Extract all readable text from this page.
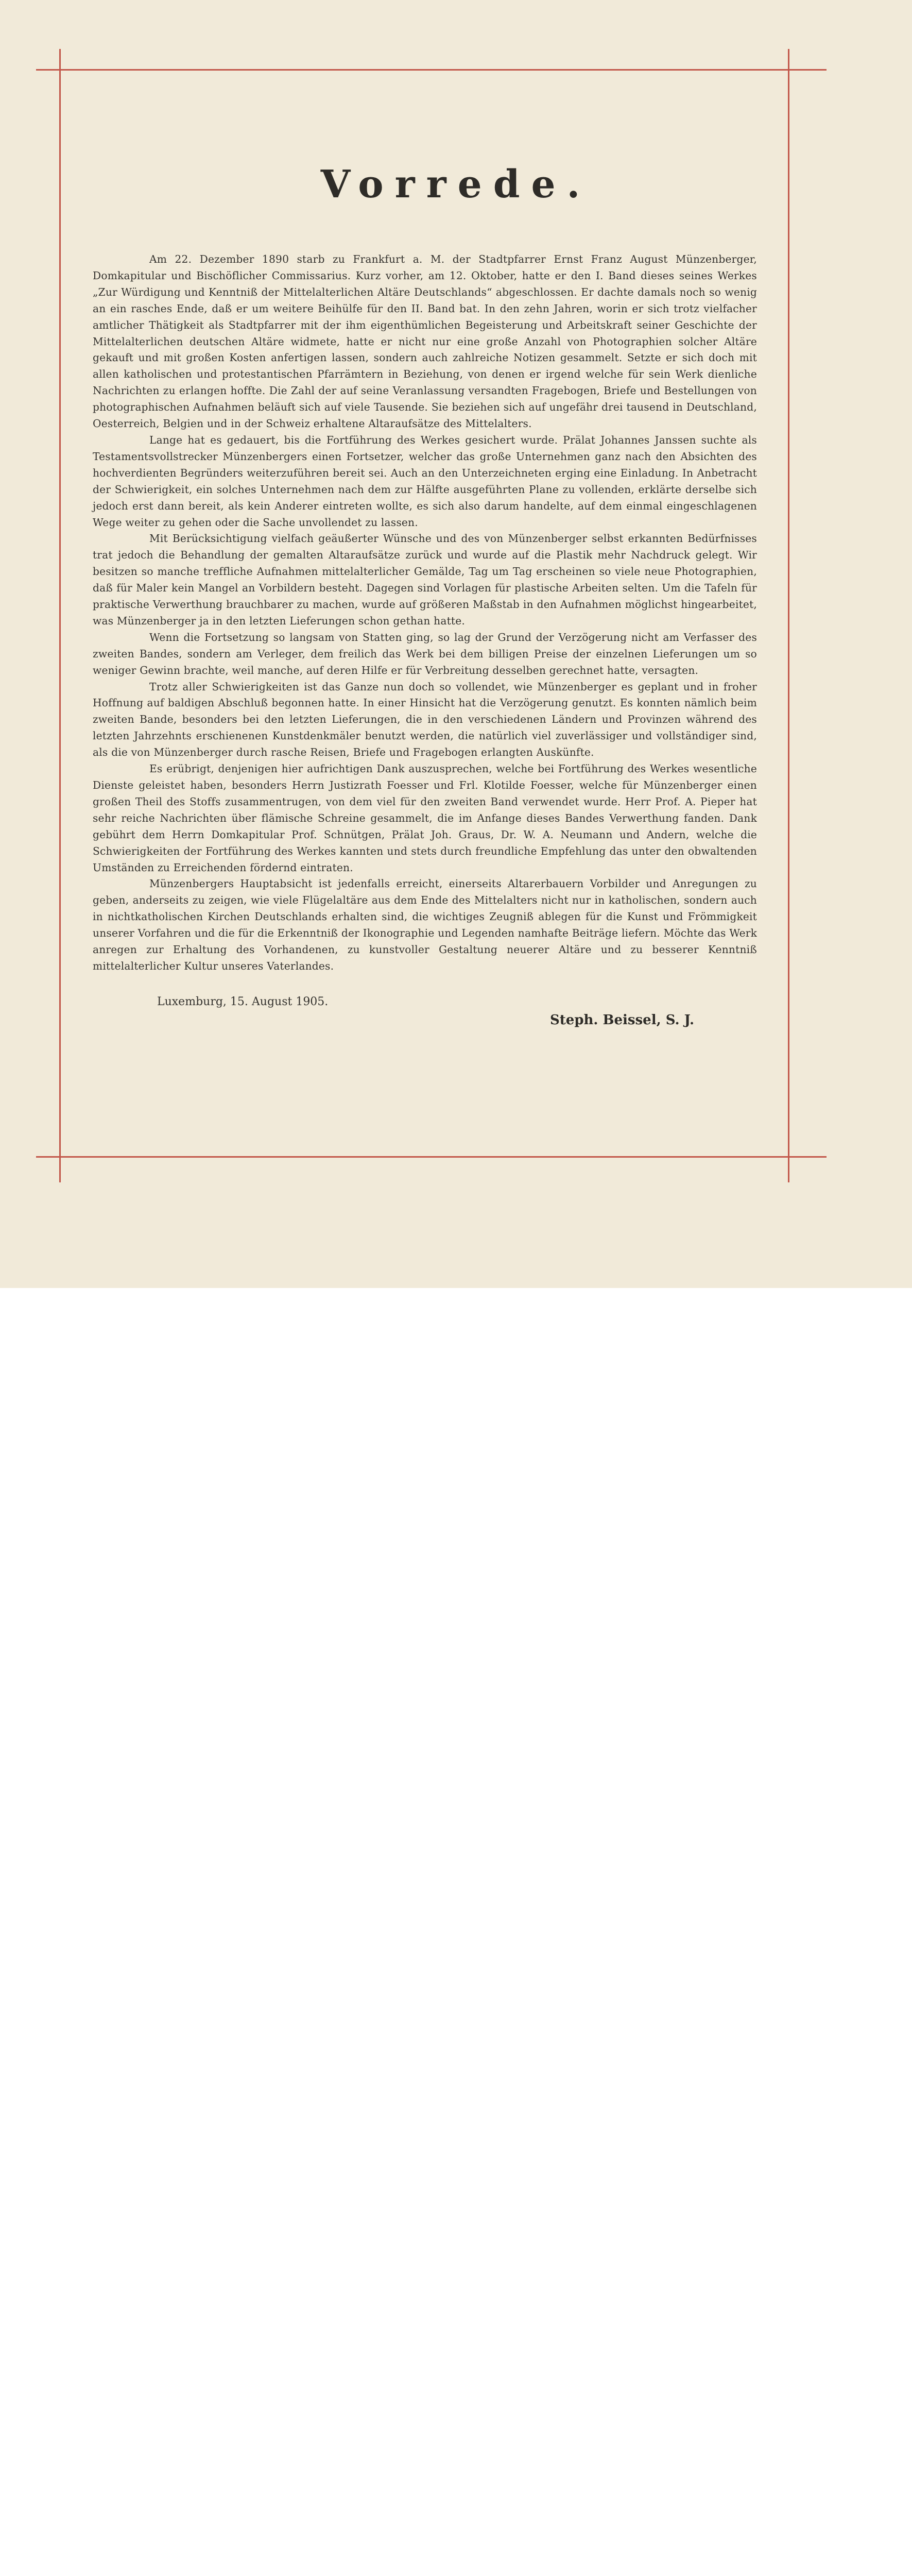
Vorrede.

Am 22. Dezember 1890 starb zu Frankfurt a. M. der Stadtpfarrer Ernst Franz August Münzenberger, Domkapitular und Bischöflicher Commissarius. Kurz vorher, am 12. Oktober, hatte er den I. Band dieses seines Werkes „Zur Würdigung und Kenntniß der Mittelalterlichen Altäre Deutschlands“ abgeschlossen. Er dachte damals noch so wenig an ein rasches Ende, daß er um weitere Beihülfe für den II. Band bat. In den zehn Jahren, worin er sich trotz vielfacher amtlicher Thätigkeit als Stadtpfarrer mit der ihm eigenthümlichen Begeisterung und Arbeitskraft seiner Geschichte der Mittelalterlichen deutschen Altäre widmete, hatte er nicht nur eine große Anzahl von Photographien solcher Altäre gekauft und mit großen Kosten anfertigen lassen, sondern auch zahlreiche Notizen gesammelt. Setzte er sich doch mit allen katholischen und protestantischen Pfarrämtern in Beziehung, von denen er irgend welche für sein Werk dienliche Nachrichten zu erlangen hoffte. Die Zahl der auf seine Veranlassung versandten Fragebogen, Briefe und Bestellungen von photographischen Aufnahmen beläuft sich auf viele Tausende. Sie beziehen sich auf ungefähr drei tausend in Deutschland, Oesterreich, Belgien und in der Schweiz erhaltene Altaraufsätze des Mittelalters.

Lange hat es gedauert, bis die Fortführung des Werkes gesichert wurde. Prälat Johannes Janssen suchte als Testamentsvollstrecker Münzenbergers einen Fortsetzer, welcher das große Unternehmen ganz nach den Absichten des hochverdienten Begründers weiterzuführen bereit sei. Auch an den Unterzeichneten erging eine Einladung. In Anbetracht der Schwierigkeit, ein solches Unternehmen nach dem zur Hälfte ausgeführten Plane zu vollenden, erklärte derselbe sich jedoch erst dann bereit, als kein Anderer eintreten wollte, es sich also darum handelte, auf dem einmal eingeschlagenen Wege weiter zu gehen oder die Sache unvollendet zu lassen.

Mit Berücksichtigung vielfach geäußerter Wünsche und des von Münzenberger selbst erkannten Bedürfnisses trat jedoch die Behandlung der gemalten Altaraufsätze zurück und wurde auf die Plastik mehr Nachdruck gelegt. Wir besitzen so manche treffliche Aufnahmen mittelalterlicher Gemälde, Tag um Tag erscheinen so viele neue Photographien, daß für Maler kein Mangel an Vorbildern besteht. Dagegen sind Vorlagen für plastische Arbeiten selten. Um die Tafeln für praktische Verwerthung brauchbarer zu machen, wurde auf größeren Maßstab in den Aufnahmen möglichst hingearbeitet, was Münzenberger ja in den letzten Lieferungen schon gethan hatte.

Wenn die Fortsetzung so langsam von Statten ging, so lag der Grund der Verzögerung nicht am Verfasser des zweiten Bandes, sondern am Verleger, dem freilich das Werk bei dem billigen Preise der einzelnen Lieferungen um so weniger Gewinn brachte, weil manche, auf deren Hilfe er für Verbreitung desselben gerechnet hatte, versagten.

Trotz aller Schwierigkeiten ist das Ganze nun doch so vollendet, wie Münzenberger es geplant und in froher Hoffnung auf baldigen Abschluß begonnen hatte. In einer Hinsicht hat die Verzögerung genutzt. Es konnten nämlich beim zweiten Bande, besonders bei den letzten Lieferungen, die in den verschiedenen Ländern und Provinzen während des letzten Jahrzehnts erschienenen Kunstdenkmäler benutzt werden, die natürlich viel zuverlässiger und vollständiger sind, als die von Münzenberger durch rasche Reisen, Briefe und Fragebogen erlangten Auskünfte.

Es erübrigt, denjenigen hier aufrichtigen Dank auszusprechen, welche bei Fortführung des Werkes wesentliche Dienste geleistet haben, besonders Herrn Justizrath Foesser und Frl. Klotilde Foesser, welche für Münzenberger einen großen Theil des Stoffs zusammentrugen, von dem viel für den zweiten Band verwendet wurde. Herr Prof. A. Pieper hat sehr reiche Nachrichten über flämische Schreine gesammelt, die im Anfange dieses Bandes Verwerthung fanden. Dank gebührt dem Herrn Domkapitular Prof. Schnütgen, Prälat Joh. Graus, Dr. W. A. Neumann und Andern, welche die Schwierigkeiten der Fortführung des Werkes kannten und stets durch freundliche Empfehlung das unter den obwaltenden Umständen zu Erreichenden fördernd eintraten.

Münzenbergers Hauptabsicht ist jedenfalls erreicht, einerseits Altarerbauern Vorbilder und Anregungen zu geben, anderseits zu zeigen, wie viele Flügelaltäre aus dem Ende des Mittelalters nicht nur in katholischen, sondern auch in nichtkatholischen Kirchen Deutschlands erhalten sind, die wichtiges Zeugniß ablegen für die Kunst und Frömmigkeit unserer Vorfahren und die für die Erkenntniß der Ikonographie und Legenden namhafte Beiträge liefern. Möchte das Werk anregen zur Erhaltung des Vorhandenen, zu kunstvoller Gestaltung neuerer Altäre und zu besserer Kenntniß mittelalterlicher Kultur unseres Vaterlandes.

Luxemburg, 15. August 1905.
Steph. Beissel, S. J.
